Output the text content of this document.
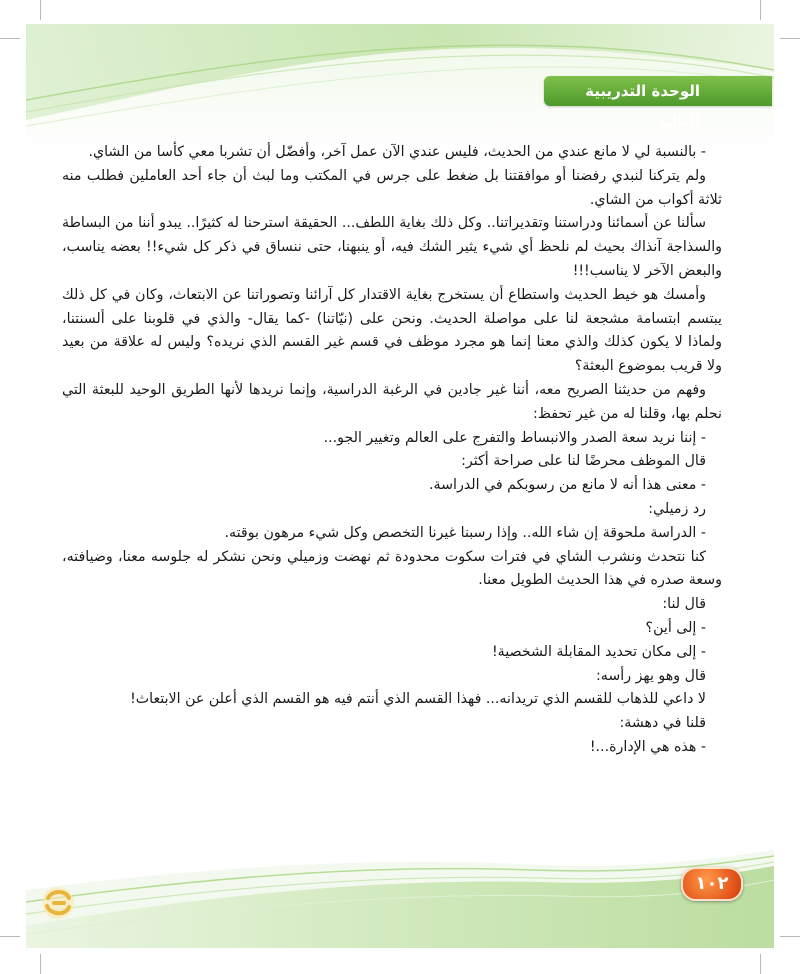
الوحدة التدريبية الثالثة

- بالنسبة لي لا مانع عندي من الحديث، فليس عندي الآن عمل آخر، وأفضّل أن تشربا معي كأسا من الشاي.

ولم يتركنا لنبدي رفضنا أو موافقتنا بل ضغط على جرس في المكتب وما لبث أن جاء أحد العاملين فطلب منه ثلاثة أكواب من الشاي.

سألنا عن أسمائنا ودراستنا وتقديراتنا.. وكل ذلك بغاية اللطف... الحقيقة استرحنا له كثيرًا.. يبدو أننا من البساطة والسذاجة آنذاك بحيث لم نلحظ أي شيء يثير الشك فيه، أو ينبهنا، حتى ننساق في ذكر كل شيء!! بعضه يناسب، والبعض الآخر لا يناسب!!!

وأمسك هو خيط الحديث واستطاع أن يستخرج بغاية الاقتدار كل آرائنا وتصوراتنا عن الابتعاث، وكان في كل ذلك يبتسم ابتسامة مشجعة لنا على مواصلة الحديث. ونحن على (نيّاتنا) -كما يقال- والذي في قلوبنا على ألسنتنا، ولماذا لا يكون كذلك والذي معنا إنما هو مجرد موظف في قسم غير القسم الذي نريده؟ وليس له علاقة من بعيد ولا قريب بموضوع البعثة؟

وفهم من حديثنا الصريح معه، أننا غير جادين في الرغبة الدراسية، وإنما نريدها لأنها الطريق الوحيد للبعثة التي نحلم بها، وقلنا له من غير تحفظ:

- إننا نريد سعة الصدر والانبساط والتفرج على العالم وتغيير الجو...

قال الموظف محرضًا لنا على صراحة أكثر:

- معنى هذا أنه لا مانع من رسوبكم في الدراسة.

رد زميلي:

- الدراسة ملحوقة إن شاء الله.. وإذا رسبنا غيرنا التخصص وكل شيء مرهون بوقته.

كنا نتحدث ونشرب الشاي في فترات سكوت محدودة ثم نهضت وزميلي ونحن نشكر له جلوسه معنا، وضيافته، وسعة صدره في هذا الحديث الطويل معنا.

قال لنا:

- إلى أين؟

- إلى مكان تحديد المقابلة الشخصية!

قال وهو يهز رأسه:

لا داعي للذهاب للقسم الذي تريدانه... فهذا القسم الذي أنتم فيه هو القسم الذي أعلن عن الابتعاث!

قلنا في دهشة:

- هذه هي الإدارة...!

١٠٢
